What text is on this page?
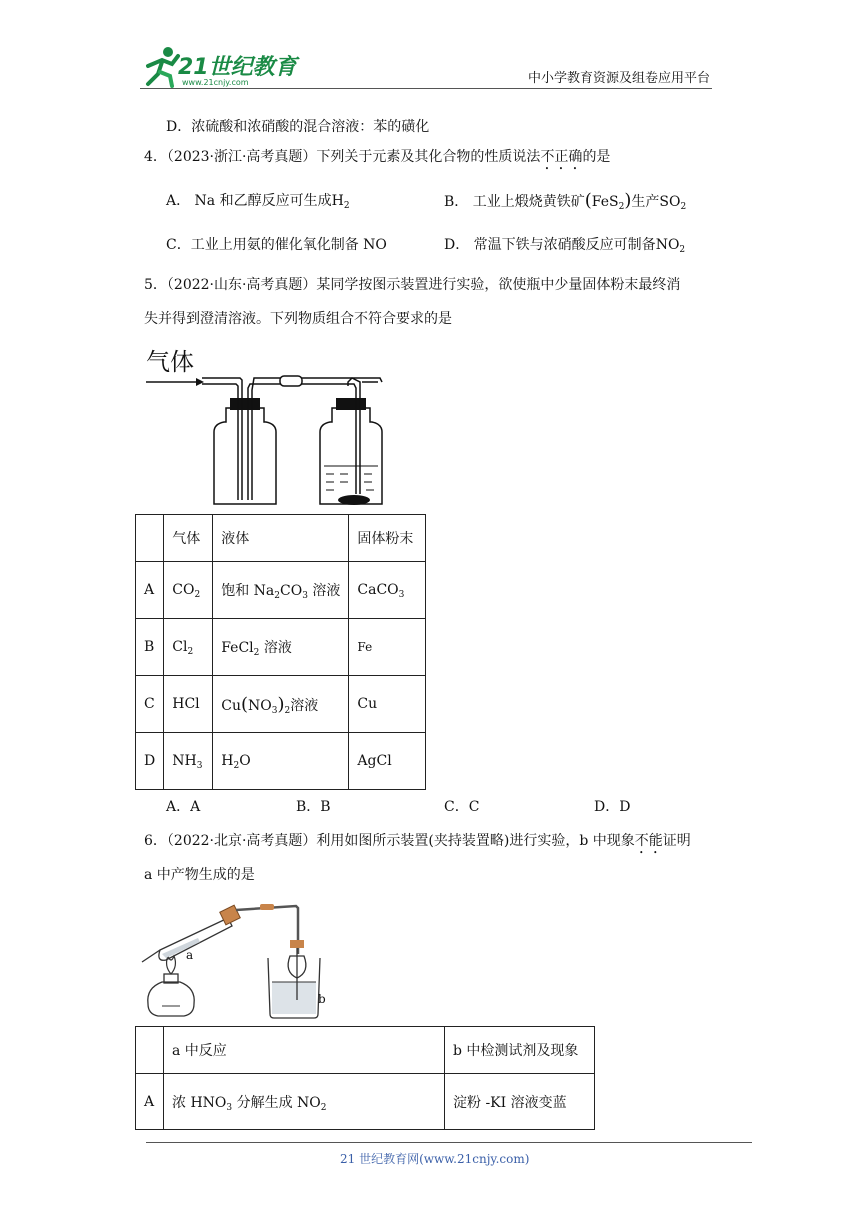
21世纪教育
www.21cnjy.com	中小学教育资源及组卷应用平台
D．浓硫酸和浓硝酸的混合溶液：苯的磺化
4．（2023·浙江·高考真题）下列关于元素及其化合物的性质说法不正确的是
A． Na 和乙醇反应可生成$H_2$	B． 工业上煅烧黄铁矿(FeS$_2$)生产$SO_2$
C．工业上用氨的催化氧化制备 NO	D． 常温下铁与浓硝酸反应可制备$NO_2$
5．（2022·山东·高考真题）某同学按图示装置进行实验，欲使瓶中少量固体粉末最终消
失并得到澄清溶液。下列物质组合不符合要求的是
气体
	气体	液体	固体粉末
A	$CO_2$	饱和 $Na_2CO_3$ 溶液	CaCO$_3$
B	$Cl_2$	FeCl$_2$ 溶液	Fe
C	HCl	$Cu(NO_3)_2$溶液	Cu
D	$NH_3$	$H_2O$	AgCl
A．A	B．B	C．C	D．D
6．（2022·北京·高考真题）利用如图所示装置(夹持装置略)进行实验，b 中现象不能证明
a 中产物生成的是
a
b
	a 中反应	b 中检测试剂及现象
A	浓 $HNO_3$ 分解生成 $NO_2$	淀粉 -KI 溶液变蓝
21 世纪教育网(www.21cnjy.com)
